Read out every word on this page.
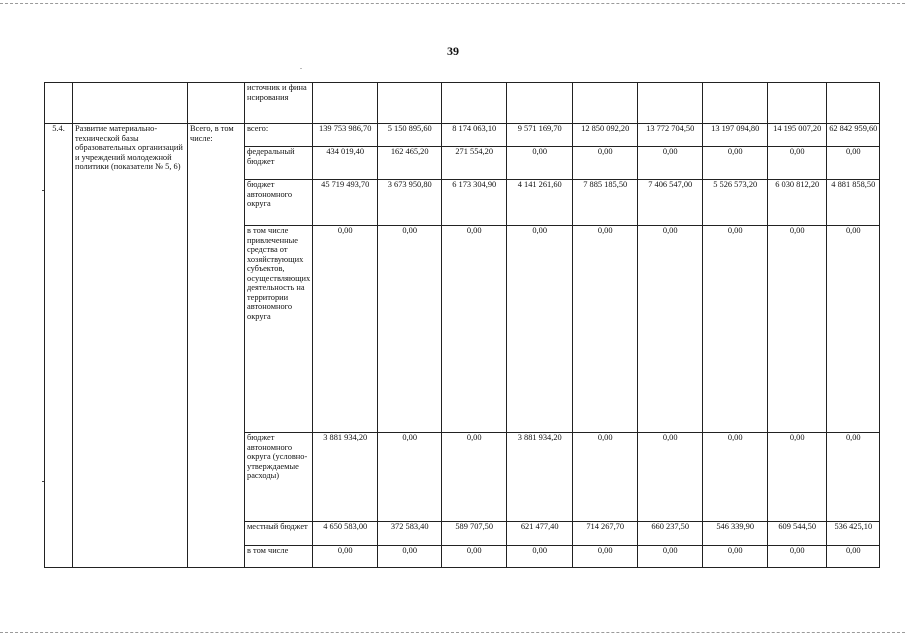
39
			источник и финансирования									
5.4.	Развитие материально-технической базы образовательных организаций и учреждений молодежной политики (показатели № 5, 6)	Всего, в том числе:	всего:	139 753 986,70	5 150 895,60	8 174 063,10	9 571 169,70	12 850 092,20	13 772 704,50	13 197 094,80	14 195 007,20	62 842 959,60
			федеральный бюджет	434 019,40	162 465,20	271 554,20	0,00	0,00	0,00	0,00	0,00	0,00
			бюджет автономного округа	45 719 493,70	3 673 950,80	6 173 304,90	4 141 261,60	7 885 185,50	7 406 547,00	5 526 573,20	6 030 812,20	4 881 858,50
			в том числе привлеченные средства от хозяйствующих субъектов, осуществляющих деятельность на территории автономного округа	0,00	0,00	0,00	0,00	0,00	0,00	0,00	0,00	0,00
			бюджет автономного округа (условно-утверждаемые расходы)	3 881 934,20	0,00	0,00	3 881 934,20	0,00	0,00	0,00	0,00	0,00
			местный бюджет	4 650 583,00	372 583,40	589 707,50	621 477,40	714 267,70	660 237,50	546 339,90	609 544,50	536 425,10
			в том числе	0,00	0,00	0,00	0,00	0,00	0,00	0,00	0,00	0,00
